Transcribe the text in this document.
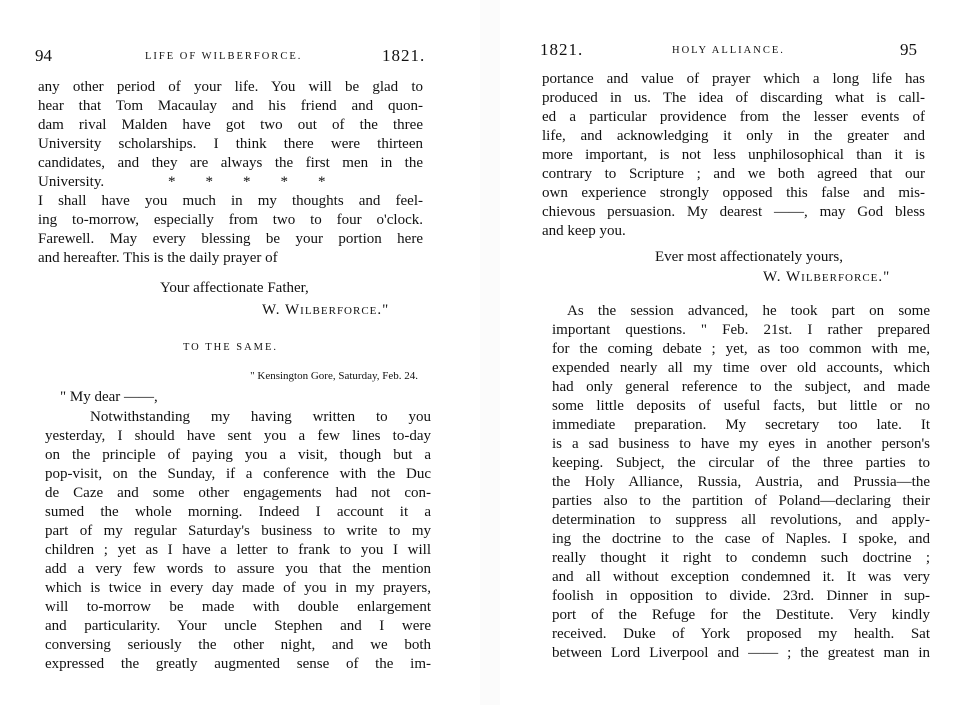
94	LIFE OF WILBERFORCE.	1821.
any other period of your life. You will be glad to
hear that Tom Macaulay and his friend and quon-
dam rival Malden have got two out of the three
University scholarships. I think there were thirteen
candidates, and they are always the first men in the
University.	*        *        *        *        *
I shall have you much in my thoughts and feel-
ing to-morrow, especially from two to four o'clock.
Farewell. May every blessing be your portion here
and hereafter. This is the daily prayer of
Your affectionate Father,
W. Wilberforce."
TO THE SAME.
" Kensington Gore, Saturday, Feb. 24.
" My dear ——,
Notwithstanding my having written to you
yesterday, I should have sent you a few lines to-day
on the principle of paying you a visit, though but a
pop-visit, on the Sunday, if a conference with the Duc
de Caze and some other engagements had not con-
sumed the whole morning. Indeed I account it a
part of my regular Saturday's business to write to my
children ; yet as I have a letter to frank to you I will
add a very few words to assure you that the mention
which is twice in every day made of you in my prayers,
will to-morrow be made with double enlargement
and particularity. Your uncle Stephen and I were
conversing seriously the other night, and we both
expressed the greatly augmented sense of the im-
1821.	HOLY ALLIANCE.	95
portance and value of prayer which a long life has
produced in us. The idea of discarding what is call-
ed a particular providence from the lesser events of
life, and acknowledging it only in the greater and
more important, is not less unphilosophical than it is
contrary to Scripture ; and we both agreed that our
own experience strongly opposed this false and mis-
chievous persuasion. My dearest ——, may God bless
and keep you.
Ever most affectionately yours,
W. Wilberforce."
As the session advanced, he took part on some
important questions. " Feb. 21st. I rather prepared
for the coming debate ; yet, as too common with me,
expended nearly all my time over old accounts, which
had only general reference to the subject, and made
some little deposits of useful facts, but little or no
immediate preparation. My secretary too late. It
is a sad business to have my eyes in another person's
keeping. Subject, the circular of the three parties to
the Holy Alliance, Russia, Austria, and Prussia—the
parties also to the partition of Poland—declaring their
determination to suppress all revolutions, and apply-
ing the doctrine to the case of Naples. I spoke, and
really thought it right to condemn such doctrine ;
and all without exception condemned it. It was very
foolish in opposition to divide. 23rd. Dinner in sup-
port of the Refuge for the Destitute. Very kindly
received. Duke of York proposed my health. Sat
between Lord Liverpool and —— ; the greatest man in
